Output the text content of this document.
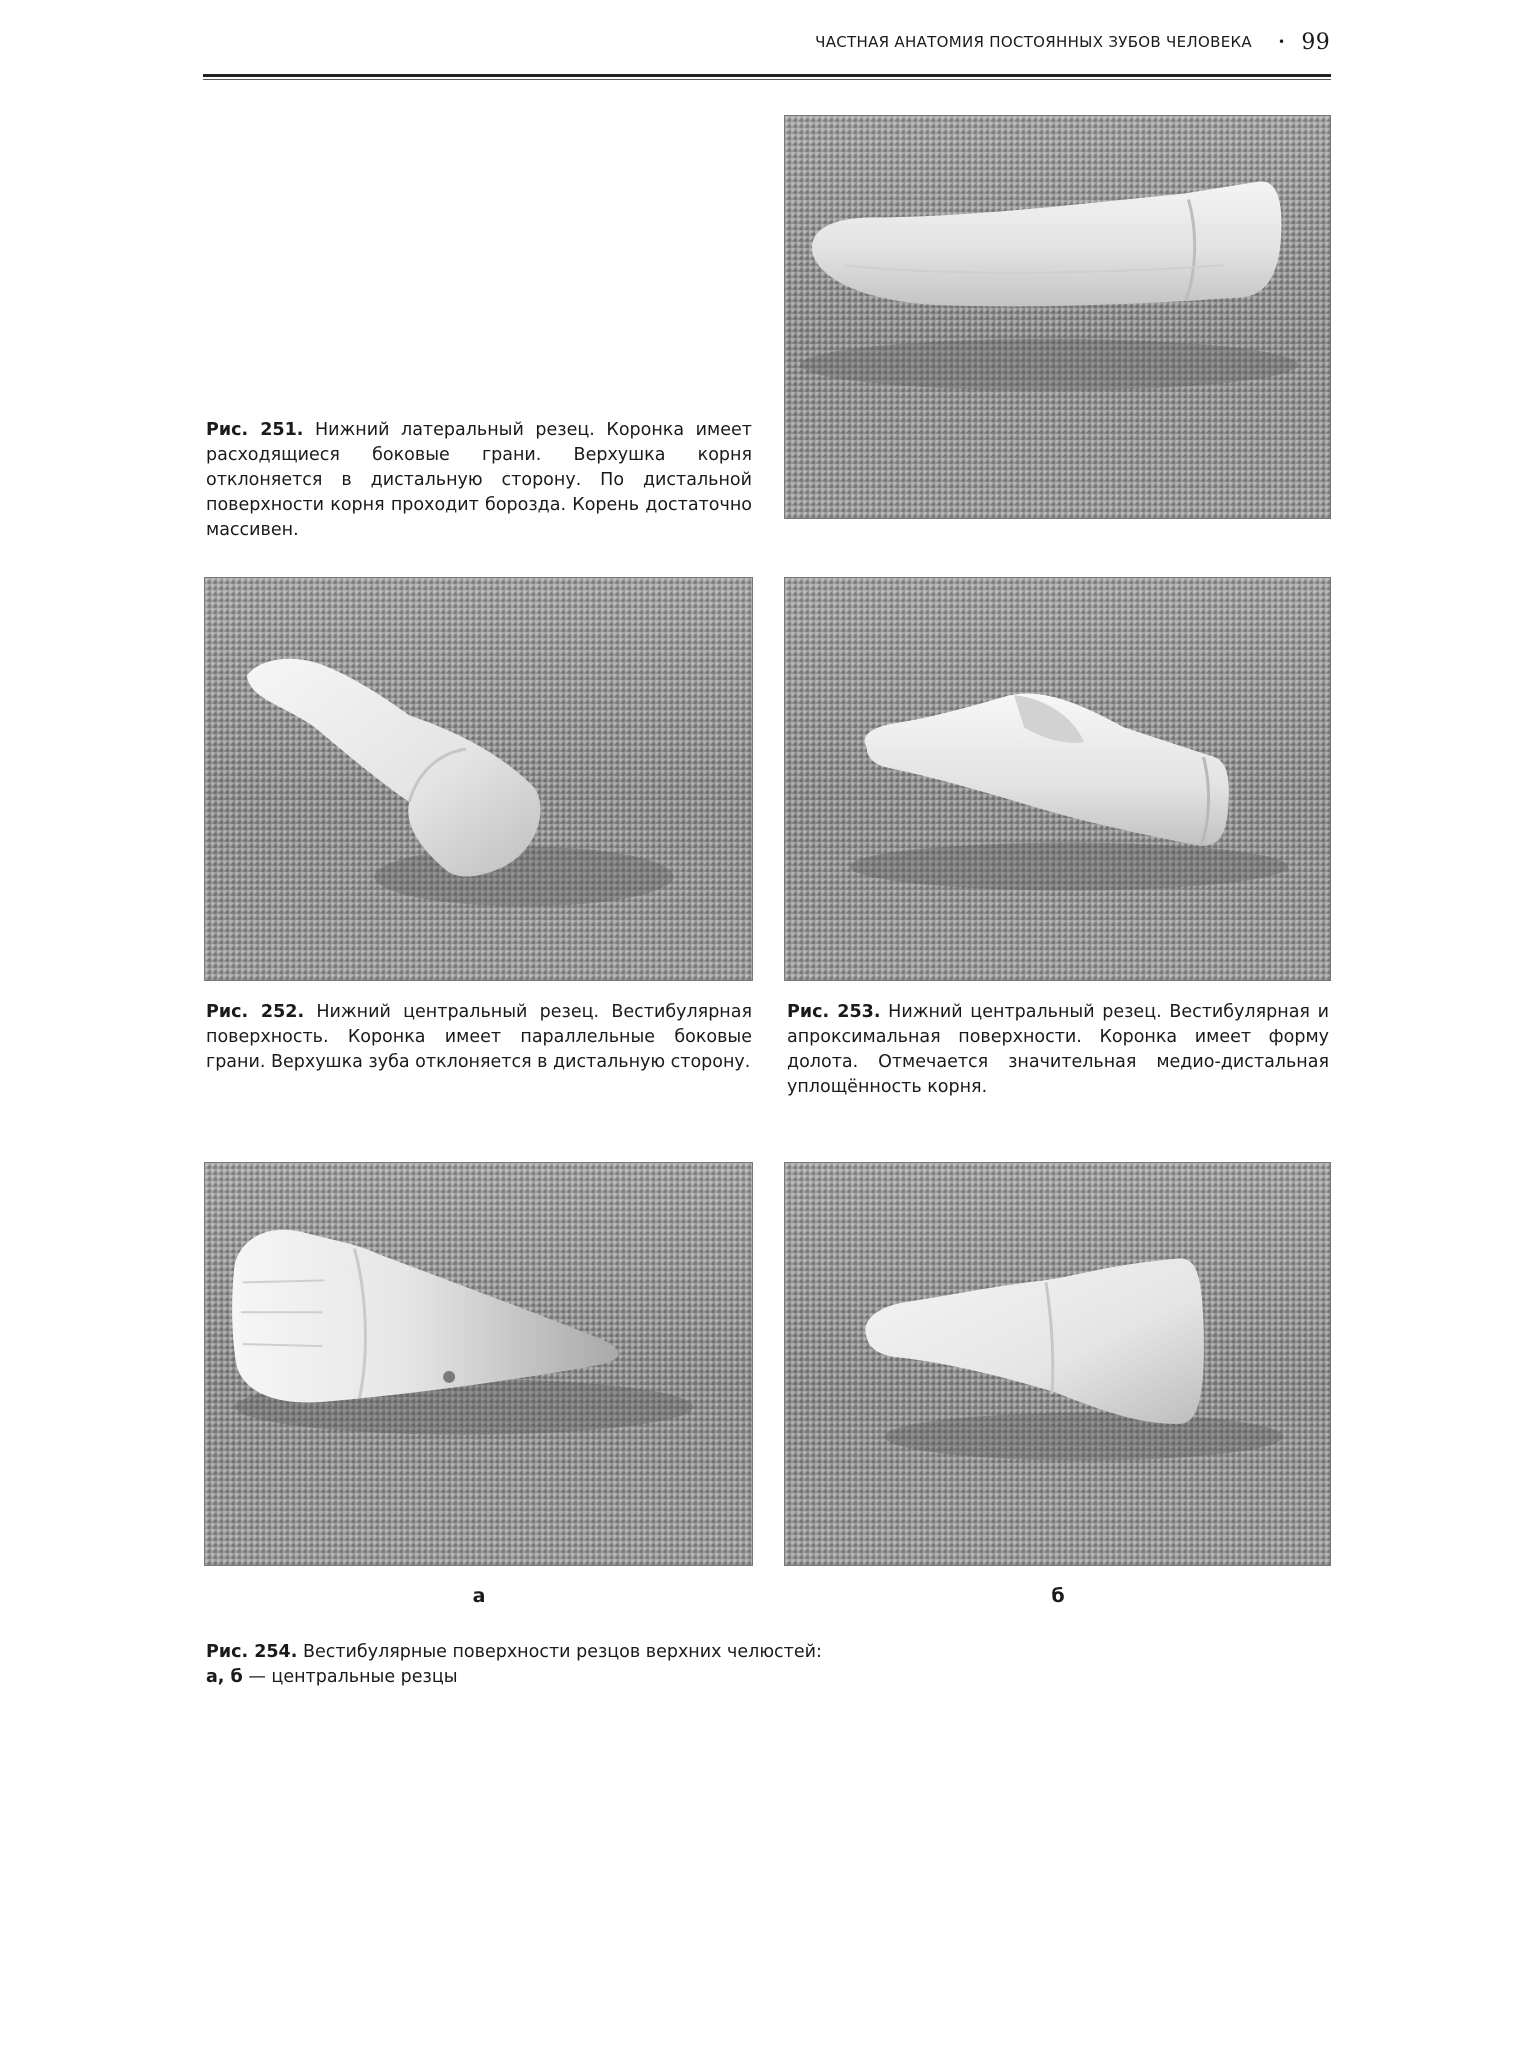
ЧАСТНАЯ АНАТОМИЯ ПОСТОЯННЫХ ЗУБОВ ЧЕЛОВЕКА • 99

Рис. 251. Нижний латеральный резец. Коронка имеет расходящиеся боковые грани. Верхушка корня отклоняется в дистальную сторону. По дистальной поверхности корня проходит борозда. Корень достаточно массивен.

Рис. 252. Нижний центральный резец. Вестибулярная поверхность. Коронка имеет параллельные боковые грани. Верхушка зуба отклоняется в дистальную сторону.

Рис. 253. Нижний центральный резец. Вестибулярная и апроксимальная поверхности. Коронка имеет форму долота. Отмечается значительная медио-дистальная уплощённость корня.

а	б
Рис. 254. Вестибулярные поверхности резцов верхних челюстей:
а, б — центральные резцы
